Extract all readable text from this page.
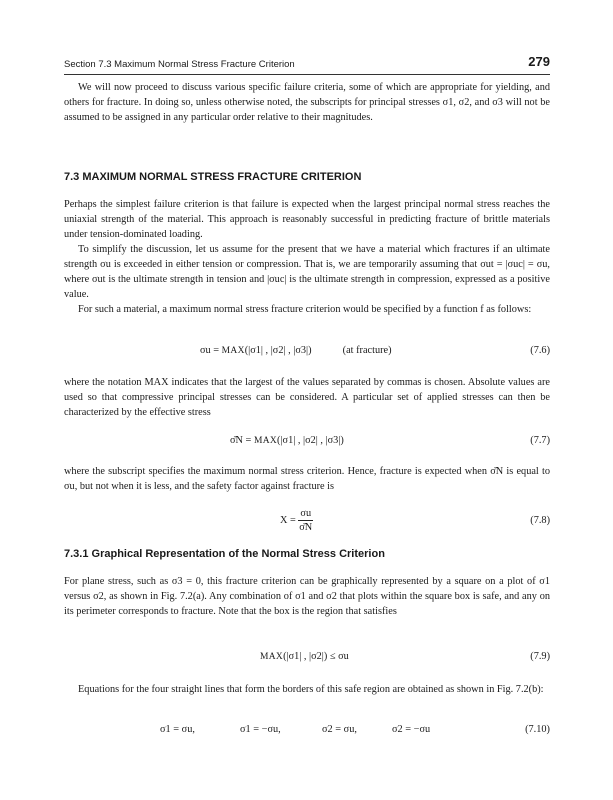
Section 7.3 Maximum Normal Stress Fracture Criterion	279

We will now proceed to discuss various specific failure criteria, some of which are appropriate for yielding, and others for fracture. In doing so, unless otherwise noted, the subscripts for principal stresses σ1, σ2, and σ3 will not be assumed to be assigned in any particular order relative to their magnitudes.

7.3 MAXIMUM NORMAL STRESS FRACTURE CRITERION

Perhaps the simplest failure criterion is that failure is expected when the largest principal normal stress reaches the uniaxial strength of the material. This approach is reasonably successful in predicting fracture of brittle materials under tension-dominated loading.

To simplify the discussion, let us assume for the present that we have a material which fractures if an ultimate strength σu is exceeded in either tension or compression. That is, we are temporarily assuming that σut = |σuc| = σu, where σut is the ultimate strength in tension and |σuc| is the ultimate strength in compression, expressed as a positive value.

For such a material, a maximum normal stress fracture criterion would be specified by a function f as follows:

σu = MAX(|σ1| , |σ2| , |σ3|)	(at fracture)	(7.6)

where the notation MAX indicates that the largest of the values separated by commas is chosen. Absolute values are used so that compressive principal stresses can be considered. A particular set of applied stresses can then be characterized by the effective stress

σ̄N = MAX(|σ1| , |σ2| , |σ3|)	(7.7)

where the subscript specifies the maximum normal stress criterion. Hence, fracture is expected when σ̄N is equal to σu, but not when it is less, and the safety factor against fracture is

$X = \frac{\sigma u}{\sigmāN}$	(7.8)
7.3.1 Graphical Representation of the Normal Stress Criterion

For plane stress, such as σ3 = 0, this fracture criterion can be graphically represented by a square on a plot of σ1 versus σ2, as shown in Fig. 7.2(a). Any combination of σ1 and σ2 that plots within the square box is safe, and any on its perimeter corresponds to fracture. Note that the box is the region that satisfies

MAX(|σ1| , |σ2|) ≤ σu	(7.9)

Equations for the four straight lines that form the borders of this safe region are obtained as shown in Fig. 7.2(b):

σ1 = σu,	σ1 = −σu,	σ2 = σu,	σ2 = −σu	(7.10)
